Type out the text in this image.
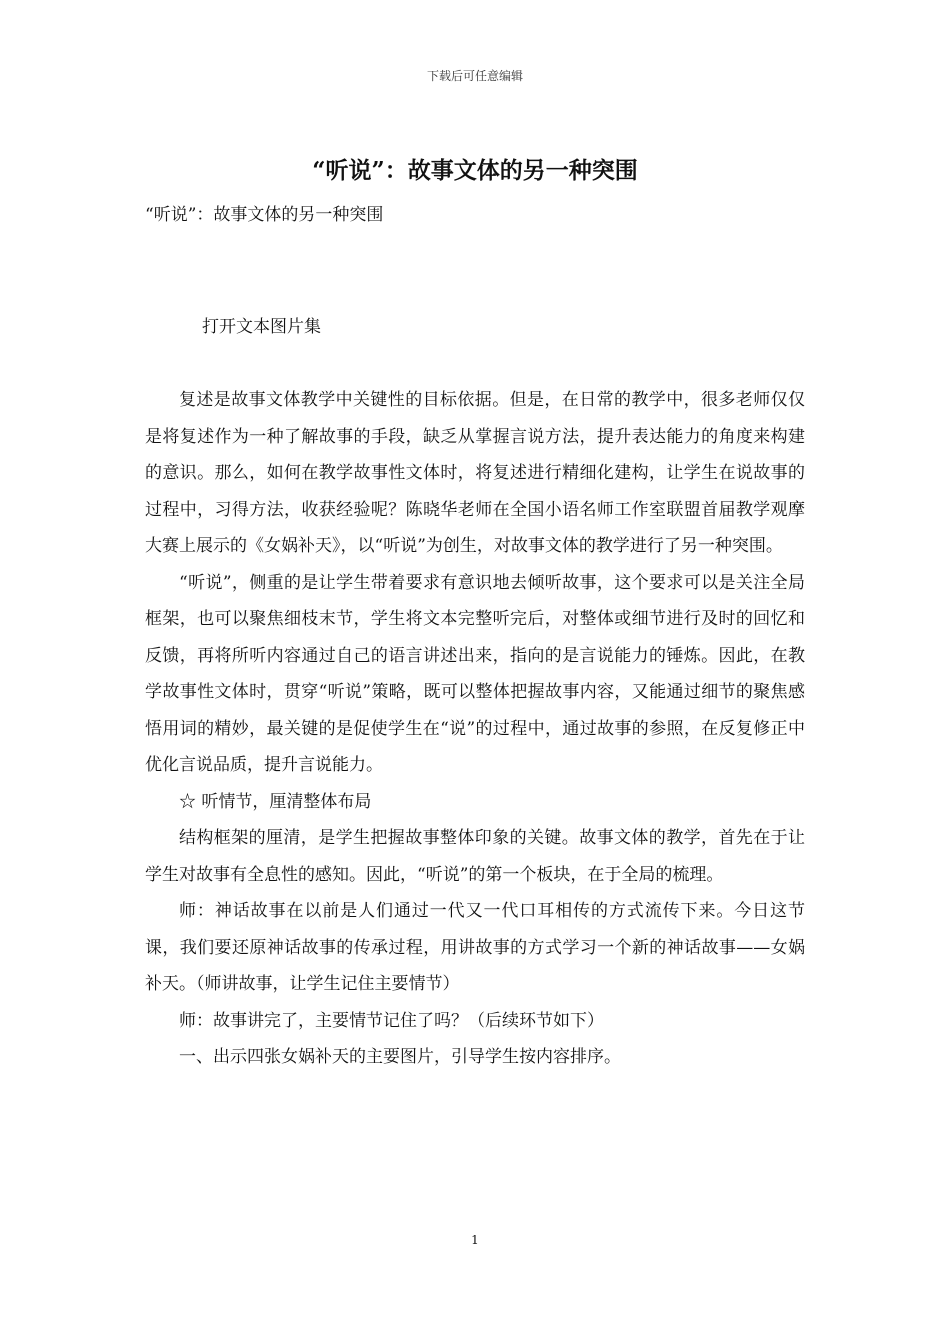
下载后可任意编辑
“听说”：故事文体的另一种突围
“听说”：故事文体的另一种突围
打开文本图片集

复述是故事文体教学中关键性的目标依据。但是，在日常的教学中，很多老师仅仅是将复述作为一种了解故事的手段，缺乏从掌握言说方法，提升表达能力的角度来构建的意识。那么，如何在教学故事性文体时，将复述进行精细化建构，让学生在说故事的过程中，习得方法，收获经验呢？陈晓华老师在全国小语名师工作室联盟首届教学观摩大赛上展示的《女娲补天》，以“听说”为创生，对故事文体的教学进行了另一种突围。

“听说”，侧重的是让学生带着要求有意识地去倾听故事，这个要求可以是关注全局框架，也可以聚焦细枝末节，学生将文本完整听完后，对整体或细节进行及时的回忆和反馈，再将所听内容通过自己的语言讲述出来，指向的是言说能力的锤炼。因此，在教学故事性文体时，贯穿“听说”策略，既可以整体把握故事内容，又能通过细节的聚焦感悟用词的精妙，最关键的是促使学生在“说”的过程中，通过故事的参照，在反复修正中优化言说品质，提升言说能力。

☆ 听情节，厘清整体布局

结构框架的厘清，是学生把握故事整体印象的关键。故事文体的教学，首先在于让学生对故事有全息性的感知。因此，“听说”的第一个板块，在于全局的梳理。

师：神话故事在以前是人们通过一代又一代口耳相传的方式流传下来。今日这节课，我们要还原神话故事的传承过程，用讲故事的方式学习一个新的神话故事——女娲补天。（师讲故事，让学生记住主要情节）

师：故事讲完了，主要情节记住了吗？（后续环节如下）

一、出示四张女娲补天的主要图片，引导学生按内容排序。

1
